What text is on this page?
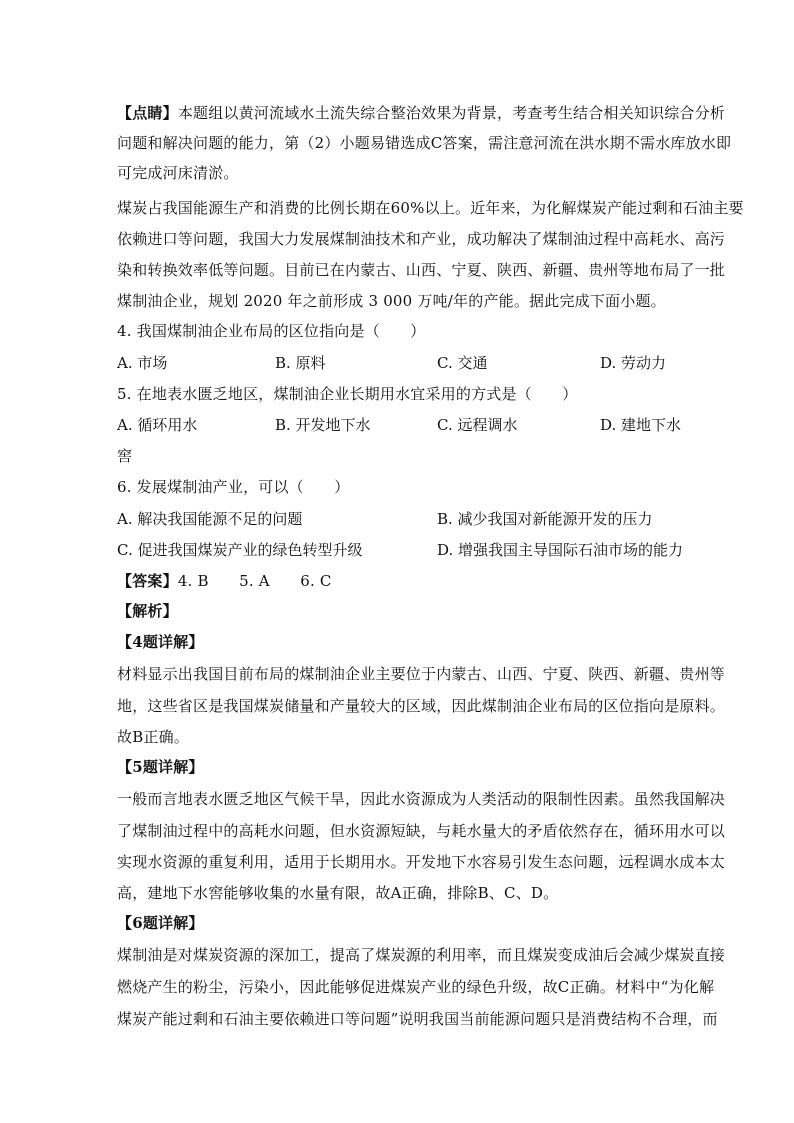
【点睛】本题组以黄河流域水土流失综合整治效果为背景，考查考生结合相关知识综合分析
问题和解决问题的能力，第（2）小题易错选成C答案，需注意河流在洪水期不需水库放水即
可完成河床清淤。
煤炭占我国能源生产和消费的比例长期在60%以上。近年来，为化解煤炭产能过剩和石油主要
依赖进口等问题，我国大力发展煤制油技术和产业，成功解决了煤制油过程中高耗水、高污
染和转换效率低等问题。目前已在内蒙古、山西、宁夏、陕西、新疆、贵州等地布局了一批
煤制油企业，规划 2020 年之前形成 3 000 万吨/年的产能。据此完成下面小题。
4. 我国煤制油企业布局的区位指向是（　　）
A. 市场	B. 原料	C. 交通	D. 劳动力
5. 在地表水匮乏地区，煤制油企业长期用水宜采用的方式是（　　）
A. 循环用水	B. 开发地下水	C. 远程调水	D. 建地下水
窖
6. 发展煤制油产业，可以（　　）
A. 解决我国能源不足的问题	B. 减少我国对新能源开发的压力
C. 促进我国煤炭产业的绿色转型升级	D. 增强我国主导国际石油市场的能力
【答案】4. B　　5. A　　6. C
【解析】
【4题详解】
材料显示出我国目前布局的煤制油企业主要位于内蒙古、山西、宁夏、陕西、新疆、贵州等
地，这些省区是我国煤炭储量和产量较大的区域，因此煤制油企业布局的区位指向是原料。
故B正确。
【5题详解】
一般而言地表水匮乏地区气候干旱，因此水资源成为人类活动的限制性因素。虽然我国解决
了煤制油过程中的高耗水问题，但水资源短缺，与耗水量大的矛盾依然存在，循环用水可以
实现水资源的重复利用，适用于长期用水。开发地下水容易引发生态问题，远程调水成本太
高，建地下水窖能够收集的水量有限，故A正确，排除B、C、D。
【6题详解】
煤制油是对煤炭资源的深加工，提高了煤炭源的利用率，而且煤炭变成油后会减少煤炭直接
燃烧产生的粉尘，污染小，因此能够促进煤炭产业的绿色升级，故C正确。材料中“为化解
煤炭产能过剩和石油主要依赖进口等问题”说明我国当前能源问题只是消费结构不合理，而
